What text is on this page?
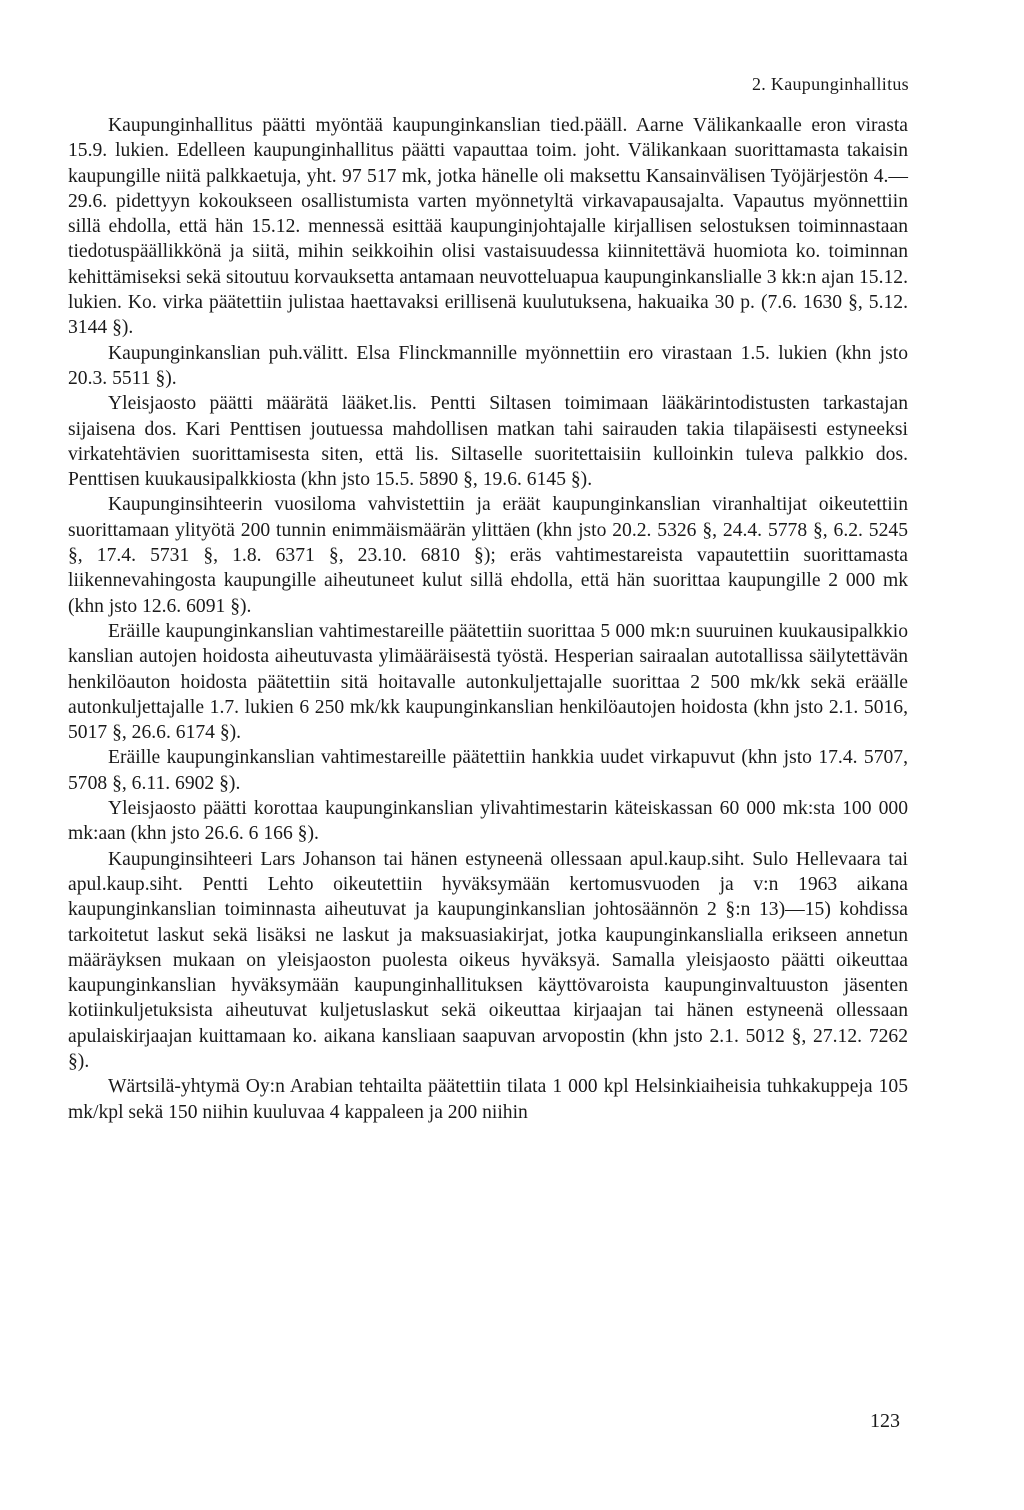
2. Kaupunginhallitus

Kaupunginhallitus päätti myöntää kaupunginkanslian tied.pääll. Aarne Välikankaalle eron virasta 15.9. lukien. Edelleen kaupunginhallitus päätti vapauttaa toim. joht. Välikankaan suorittamasta takaisin kaupungille niitä palkkaetuja, yht. 97 517 mk, jotka hänelle oli maksettu Kansainvälisen Työjärjestön 4.—29.6. pidettyyn kokoukseen osallistumista varten myönnetyltä virkavapausajalta. Vapautus myönnettiin sillä ehdolla, että hän 15.12. mennessä esittää kaupunginjohtajalle kirjallisen selostuksen toiminnastaan tiedotuspäällikkönä ja siitä, mihin seikkoihin olisi vastaisuudessa kiinnitettävä huomiota ko. toiminnan kehittämiseksi sekä sitoutuu korvauksetta antamaan neuvotteluapua kaupunginkanslialle 3 kk:n ajan 15.12. lukien. Ko. virka päätettiin julistaa haettavaksi erillisenä kuulutuksena, hakuaika 30 p. (7.6. 1630 §, 5.12. 3144 §).

Kaupunginkanslian puh.välitt. Elsa Flinckmannille myönnettiin ero virastaan 1.5. lukien (khn jsto 20.3. 5511 §).

Yleisjaosto päätti määrätä lääket.lis. Pentti Siltasen toimimaan lääkärintodistusten tarkastajan sijaisena dos. Kari Penttisen joutuessa mahdollisen matkan tahi sairauden takia tilapäisesti estyneeksi virkatehtävien suorittamisesta siten, että lis. Siltaselle suoritettaisiin kulloinkin tuleva palkkio dos. Penttisen kuukausipalkkiosta (khn jsto 15.5. 5890 §, 19.6. 6145 §).

Kaupunginsihteerin vuosiloma vahvistettiin ja eräät kaupunginkanslian viranhaltijat oikeutettiin suorittamaan ylityötä 200 tunnin enimmäismäärän ylittäen (khn jsto 20.2. 5326 §, 24.4. 5778 §, 6.2. 5245 §, 17.4. 5731 §, 1.8. 6371 §, 23.10. 6810 §); eräs vahtimestareista vapautettiin suorittamasta liikennevahingosta kaupungille aiheutuneet kulut sillä ehdolla, että hän suorittaa kaupungille 2 000 mk (khn jsto 12.6. 6091 §).

Eräille kaupunginkanslian vahtimestareille päätettiin suorittaa 5 000 mk:n suuruinen kuukausipalkkio kanslian autojen hoidosta aiheutuvasta ylimääräisestä työstä. Hesperian sairaalan autotallissa säilytettävän henkilöauton hoidosta päätettiin sitä hoitavalle autonkuljettajalle suorittaa 2 500 mk/kk sekä eräälle autonkuljettajalle 1.7. lukien 6 250 mk/kk kaupunginkanslian henkilöautojen hoidosta (khn jsto 2.1. 5016, 5017 §, 26.6. 6174 §).

Eräille kaupunginkanslian vahtimestareille päätettiin hankkia uudet virkapuvut (khn jsto 17.4. 5707, 5708 §, 6.11. 6902 §).

Yleisjaosto päätti korottaa kaupunginkanslian ylivahtimestarin käteiskassan 60 000 mk:sta 100 000 mk:aan (khn jsto 26.6. 6 166 §).

Kaupunginsihteeri Lars Johanson tai hänen estyneenä ollessaan apul.kaup.siht. Sulo Hellevaara tai apul.kaup.siht. Pentti Lehto oikeutettiin hyväksymään kertomusvuoden ja v:n 1963 aikana kaupunginkanslian toiminnasta aiheutuvat ja kaupunginkanslian johtosäännön 2 §:n 13)—15) kohdissa tarkoitetut laskut sekä lisäksi ne laskut ja maksuasiakirjat, jotka kaupunginkanslialla erikseen annetun määräyksen mukaan on yleisjaoston puolesta oikeus hyväksyä. Samalla yleisjaosto päätti oikeuttaa kaupunginkanslian hyväksymään kaupunginhallituksen käyttövaroista kaupunginvaltuuston jäsenten kotiinkuljetuksista aiheutuvat kuljetuslaskut sekä oikeuttaa kirjaajan tai hänen estyneenä ollessaan apulaiskirjaajan kuittamaan ko. aikana kansliaan saapuvan arvopostin (khn jsto 2.1. 5012 §, 27.12. 7262 §).

Wärtsilä-yhtymä Oy:n Arabian tehtailta päätettiin tilata 1 000 kpl Helsinkiaiheisia tuhkakuppeja 105 mk/kpl sekä 150 niihin kuuluvaa 4 kappaleen ja 200 niihin

123
